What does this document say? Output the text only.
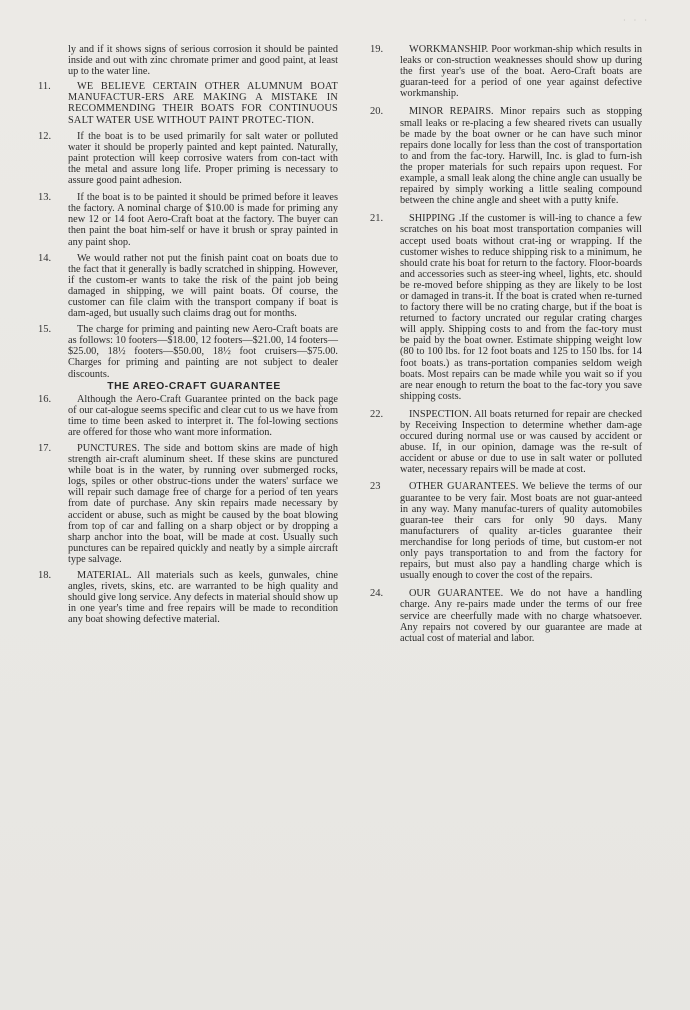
· · ·
ly and if it shows signs of serious corrosion it should be painted inside and out with zinc chromate primer and good paint, at least up to the water line.
11.	WE BELIEVE CERTAIN OTHER ALUMNUM BOAT MANUFACTUR-ERS ARE MAKING A MISTAKE IN RECOMMENDING THEIR BOATS FOR CONTINUOUS SALT WATER USE WITHOUT PAINT PROTEC-TION.
12.	If the boat is to be used primarily for salt water or polluted water it should be properly painted and kept painted. Naturally, paint protection will keep corrosive waters from con-tact with the metal and assure long life. Proper priming is necessary to assure good paint adhesion.
13.	If the boat is to be painted it should be primed before it leaves the factory. A nominal charge of $10.00 is made for priming any new 12 or 14 foot Aero-Craft boat at the factory. The buyer can then paint the boat him-self or have it brush or spray painted in any paint shop.
14.	We would rather not put the finish paint coat on boats due to the fact that it generally is badly scratched in shipping. However, if the custom-er wants to take the risk of the paint job being damaged in shipping, we will paint boats. Of course, the customer can file claim with the transport company if boat is dam-aged, but usually such claims drag out for months.
15.	The charge for priming and painting new Aero-Craft boats are as follows: 10 footers—$18.00, 12 footers—$21.00, 14 footers—$25.00, 18½ footers—$50.00, 18½ foot cruisers—$75.00. Charges for priming and painting are not subject to dealer discounts.
THE AREO-CRAFT GUARANTEE
16.	Although the Aero-Craft Guarantee printed on the back page of our cat-alogue seems specific and clear cut to us we have from time to time been asked to interpret it. The fol-lowing sections are offered for those who want more information.
17.	PUNCTURES. The side and bottom skins are made of high strength air-craft aluminum sheet. If these skins are punctured while boat is in the water, by running over submerged rocks, logs, spiles or other obstruc-tions under the waters' surface we will repair such damage free of charge for a period of ten years from date of purchase. Any skin repairs made necessary by accident or abuse, such as might be caused by the boat blowing from top of car and falling on a sharp object or by dropping a sharp anchor into the boat, will be made at cost. Usually such punctures can be repaired quickly and neatly by a simple aircraft type salvage.
18.	MATERIAL. All materials such as keels, gunwales, chine angles, rivets, skins, etc. are warranted to be high quality and should give long service. Any defects in material should show up in one year's time and free repairs will be made to recondition any boat showing defective material.
19.	WORKMANSHIP. Poor workman-ship which results in leaks or con-struction weaknesses should show up during the first year's use of the boat. Aero-Craft boats are guaran-teed for a period of one year against defective workmanship.
20.	MINOR REPAIRS. Minor repairs such as stopping small leaks or re-placing a few sheared rivets can usually be made by the boat owner or he can have such minor repairs done locally for less than the cost of transportation to and from the fac-tory. Harwill, Inc. is glad to furn-ish the proper materials for such repairs upon request. For example, a small leak along the chine angle can usually be repaired by simply working a little sealing compound between the chine angle and sheet with a putty knife.
21.	SHIPPING .If the customer is will-ing to chance a few scratches on his boat most transportation companies will accept used boats without crat-ing or wrapping. If the customer wishes to reduce shipping risk to a minimum, he should crate his boat for return to the factory. Floor-boards and accessories such as steer-ing wheel, lights, etc. should be re-moved before shipping as they are likely to be lost or damaged in trans-it. If the boat is crated when re-turned to factory there will be no crating charge, but if the boat is returned to factory uncrated our regular crating charges will apply. Shipping costs to and from the fac-tory must be paid by the boat owner. Estimate shipping weight low (80 to 100 lbs. for 12 foot boats and 125 to 150 lbs. for 14 foot boats.) as trans-portation companies seldom weigh boats. Most repairs can be made while you wait so if you are near enough to return the boat to the fac-tory you save shipping costs.
22.	INSPECTION. All boats returned for repair are checked by Receiving Inspection to determine whether dam-age occured during normal use or was caused by accident or abuse. If, in our opinion, damage was the re-sult of accident or abuse or due to use in salt water or polluted water, necessary repairs will be made at cost.
23	OTHER GUARANTEES. We believe the terms of our guarantee to be very fair. Most boats are not guar-anteed in any way. Many manufac-turers of quality automobiles guaran-tee their cars for only 90 days. Many manufacturers of quality ar-ticles guarantee their merchandise for long periods of time, but custom-er not only pays transportation to and from the factory for repairs, but must also pay a handling charge which is usually enough to cover the cost of the repairs.
24.	OUR GUARANTEE. We do not have a handling charge. Any re-pairs made under the terms of our free service are cheerfully made with no charge whatsoever. Any repairs not covered by our guarantee are made at actual cost of material and labor.
